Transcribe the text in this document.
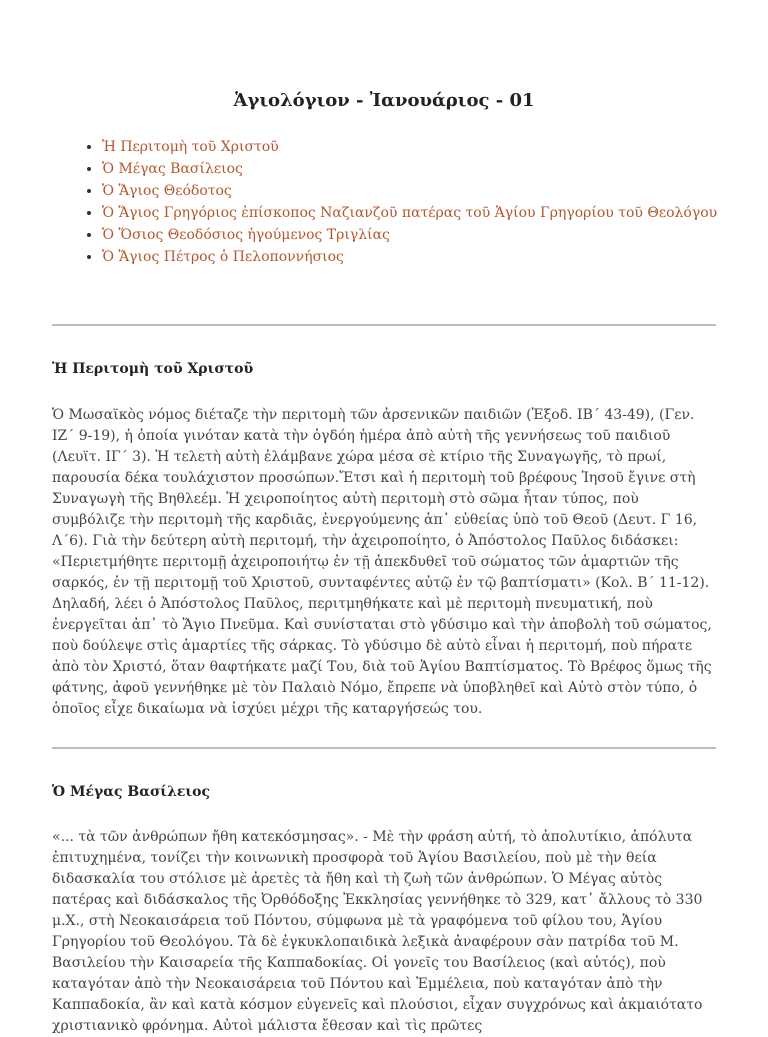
Ἁγιολόγιον - Ἰανουάριος - 01
• Ἡ Περιτομὴ τοῦ Χριστοῦ
• Ὁ Μέγας Βασίλειος
• Ὁ Ἅγιος Θεόδοτος
• Ὁ Ἅγιος Γρηγόριος ἐπίσκοπος Ναζιανζοῦ πατέρας τοῦ Ἁγίου Γρηγορίου τοῦ Θεολόγου
• Ὁ Ὅσιος Θεοδόσιος ἡγούμενος Τριγλίας
• Ὁ Ἅγιος Πέτρος ὁ Πελοποννήσιος
Ἡ Περιτομὴ τοῦ Χριστοῦ

Ὁ Μωσαϊκὸς νόμος διέταζε τὴν περιτομὴ τῶν ἀρσενικῶν παιδιῶν (Ἐξοδ. ΙΒ΄ 43-49), (Γεν. ΙΖ΄ 9-19), ἡ ὁποία γινόταν κατὰ τὴν ὀγδόη ἡμέρα ἀπὸ αὐτὴ τῆς γεννήσεως τοῦ παιδιοῦ (Λευϊτ. ΙΓ΄ 3). Ἡ τελετὴ αὐτὴ ἐλάμβανε χώρα μέσα σὲ κτίριο τῆς Συναγωγῆς, τὸ πρωί, παρουσία δέκα τουλάχιστον προσώπων.Ἔτσι καὶ ἡ περιτομὴ τοῦ βρέφους Ἰησοῦ ἔγινε στὴ Συναγωγὴ τῆς Βηθλεέμ. Ἡ χειροποίητος αὐτὴ περιτομὴ στὸ σῶμα ἦταν τύπος, ποὺ συμβόλιζε τὴν περιτομὴ τῆς καρδιᾶς, ἐνεργούμενης ἀπ᾿ εὐθείας ὑπὸ τοῦ Θεοῦ (Δευτ. Γ 16, Λ΄6). Γιὰ τὴν δεύτερη αὐτὴ περιτομή, τὴν ἀχειροποίητο, ὁ Ἀπόστολος Παῦλος διδάσκει: «Περιετμήθητε περιτομῇ ἀχειροποιήτῳ ἐν τῇ ἀπεκδυθεῖ τοῦ σώματος τῶν ἁμαρτιῶν τῆς σαρκός, ἐν τῇ περιτομῇ τοῦ Χριστοῦ, συνταφέντες αὐτῷ ἐν τῷ βαπτίσματι» (Κολ. Β΄ 11-12). Δηλαδή, λέει ὁ Ἀπόστολος Παῦλος, περιτμηθήκατε καὶ μὲ περιτομὴ πνευματική, ποὺ ἐνεργεῖται ἀπ᾿ τὸ Ἅγιο Πνεῦμα. Καὶ συνίσταται στὸ γδύσιμο καὶ τὴν ἀποβολὴ τοῦ σώματος, ποὺ δούλεψε στὶς ἁμαρτίες τῆς σάρκας. Τὸ γδύσιμο δὲ αὐτὸ εἶναι ἡ περιτομή, ποὺ πήρατε ἀπὸ τὸν Χριστό, ὅταν θαφτήκατε μαζί Του, διὰ τοῦ Ἁγίου Βαπτίσματος. Τὸ Βρέφος ὅμως τῆς φάτνης, ἀφοῦ γεννήθηκε μὲ τὸν Παλαιὸ Νόμο, ἔπρεπε νὰ ὑποβληθεῖ καὶ Αὐτὸ στὸν τύπο, ὁ ὁποῖος εἶχε δικαίωμα νὰ ἰσχύει μέχρι τῆς καταργήσεώς του.

Ὁ Μέγας Βασίλειος

«... τὰ τῶν ἀνθρώπων ἤθη κατεκόσμησας». - Μὲ τὴν φράση αὐτή, τὸ ἀπολυτίκιο, ἀπόλυτα ἐπιτυχημένα, τονίζει τὴν κοινωνικὴ προσφορὰ τοῦ Ἁγίου Βασιλείου, ποὺ μὲ τὴν θεία διδασκαλία του στόλισε μὲ ἀρετὲς τὰ ἤθη καὶ τὴ ζωὴ τῶν ἀνθρώπων. Ὁ Μέγας αὐτὸς πατέρας καὶ διδάσκαλος τῆς Ὀρθόδοξης Ἐκκλησίας γεννήθηκε τὸ 329, κατ᾿ ἄλλους τὸ 330 μ.Χ., στὴ Νεοκαισάρεια τοῦ Πόντου, σύμφωνα μὲ τὰ γραφόμενα τοῦ φίλου του, Ἁγίου Γρηγορίου τοῦ Θεολόγου. Τὰ δὲ ἐγκυκλοπαιδικὰ λεξικὰ ἀναφέρουν σὰν πατρίδα τοῦ Μ. Βασιλείου τὴν Καισαρεία τῆς Καππαδοκίας. Οἱ γονεῖς του Βασίλειος (καὶ αὐτός), ποὺ καταγόταν ἀπὸ τὴν Νεοκαισάρεια τοῦ Πόντου καὶ Ἐμμέλεια, ποὺ καταγόταν ἀπὸ τὴν Καππαδοκία, ἂν καὶ κατὰ κόσμον εὐγενεῖς καὶ πλούσιοι, εἶχαν συγχρόνως καὶ ἀκμαιότατο χριστιανικὸ φρόνημα. Αὐτοὶ μάλιστα ἔθεσαν καὶ τὶς πρῶτες
